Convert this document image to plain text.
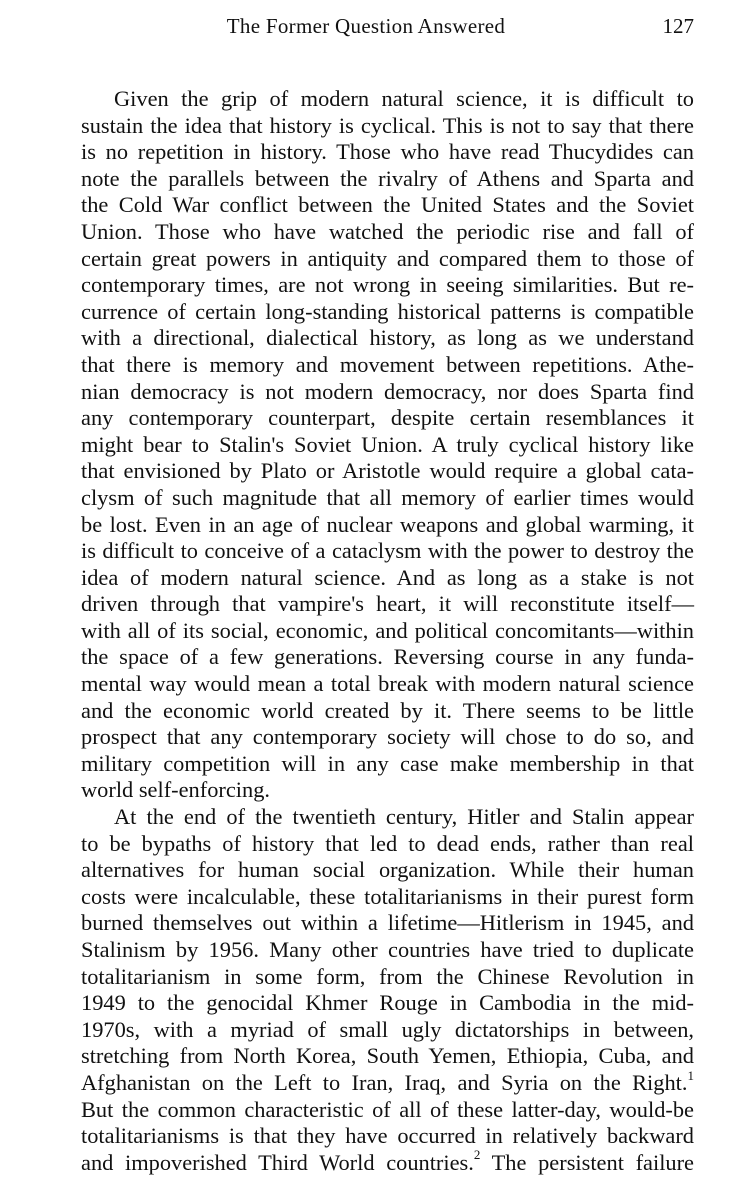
The Former Question Answered	127
Given the grip of modern natural science, it is difficult to
sustain the idea that history is cyclical. This is not to say that there
is no repetition in history. Those who have read Thucydides can
note the parallels between the rivalry of Athens and Sparta and
the Cold War conflict between the United States and the Soviet
Union. Those who have watched the periodic rise and fall of
certain great powers in antiquity and compared them to those of
contemporary times, are not wrong in seeing similarities. But re-
currence of certain long-standing historical patterns is compatible
with a directional, dialectical history, as long as we understand
that there is memory and movement between repetitions. Athe-
nian democracy is not modern democracy, nor does Sparta find
any contemporary counterpart, despite certain resemblances it
might bear to Stalin's Soviet Union. A truly cyclical history like
that envisioned by Plato or Aristotle would require a global cata-
clysm of such magnitude that all memory of earlier times would
be lost. Even in an age of nuclear weapons and global warming, it
is difficult to conceive of a cataclysm with the power to destroy the
idea of modern natural science. And as long as a stake is not
driven through that vampire's heart, it will reconstitute itself—
with all of its social, economic, and political concomitants—within
the space of a few generations. Reversing course in any funda-
mental way would mean a total break with modern natural science
and the economic world created by it. There seems to be little
prospect that any contemporary society will chose to do so, and
military competition will in any case make membership in that
world self-enforcing.
At the end of the twentieth century, Hitler and Stalin appear
to be bypaths of history that led to dead ends, rather than real
alternatives for human social organization. While their human
costs were incalculable, these totalitarianisms in their purest form
burned themselves out within a lifetime—Hitlerism in 1945, and
Stalinism by 1956. Many other countries have tried to duplicate
totalitarianism in some form, from the Chinese Revolution in
1949 to the genocidal Khmer Rouge in Cambodia in the mid-
1970s, with a myriad of small ugly dictatorships in between,
stretching from North Korea, South Yemen, Ethiopia, Cuba, and
Afghanistan on the Left to Iran, Iraq, and Syria on the Right.$^1$
But the common characteristic of all of these latter-day, would-be
totalitarianisms is that they have occurred in relatively backward
and impoverished Third World countries.$^2$ The persistent failure
